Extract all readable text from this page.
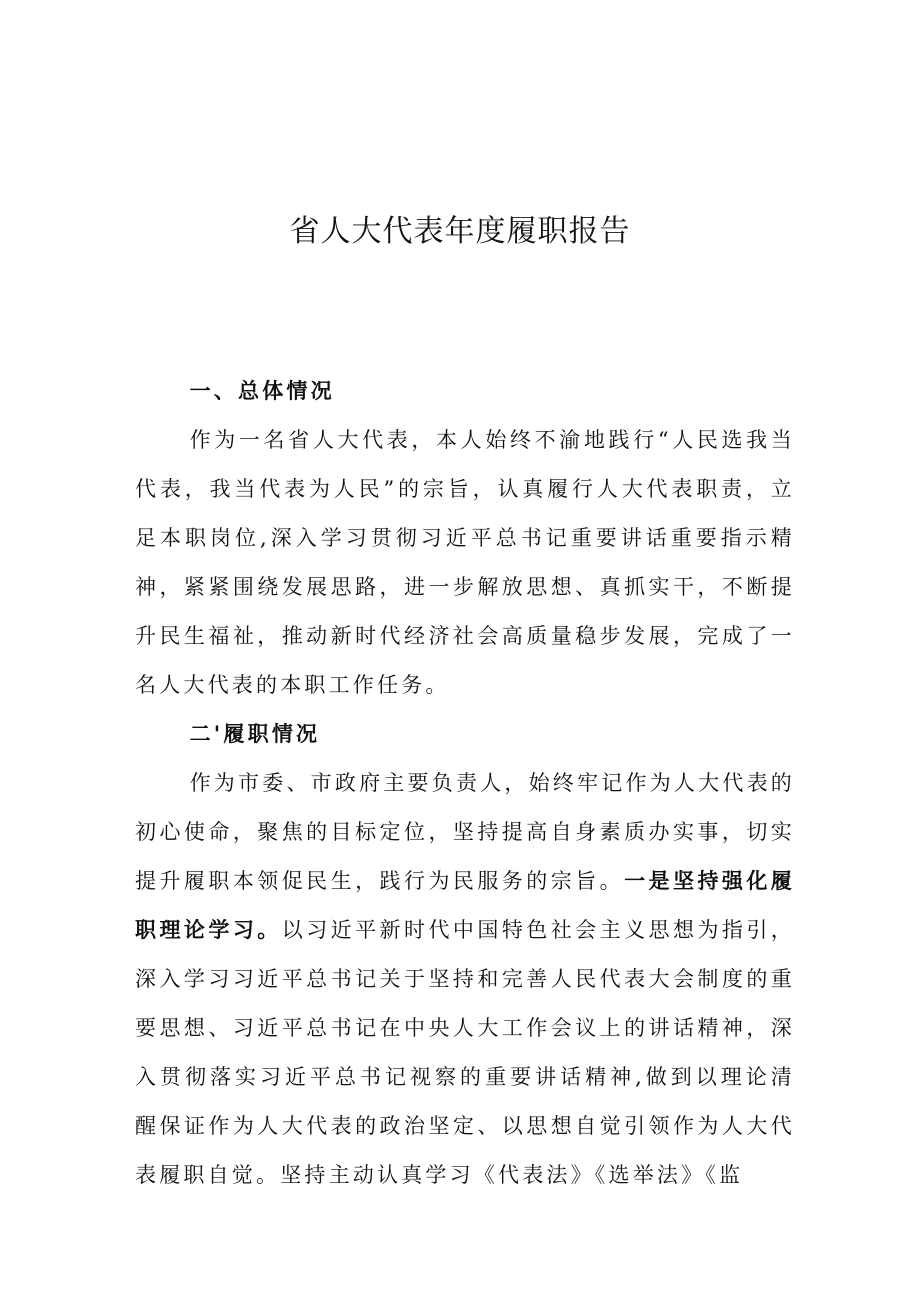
省人大代表年度履职报告

一、总体情况

作为一名省人大代表，本人始终不渝地践行“人民选我当代表，我当代表为人民”的宗旨，认真履行人大代表职责，立足本职岗位,深入学习贯彻习近平总书记重要讲话重要指示精神，紧紧围绕发展思路，进一步解放思想、真抓实干，不断提升民生福祉，推动新时代经济社会高质量稳步发展，完成了一名人大代表的本职工作任务。

二'履职情况

作为市委、市政府主要负责人，始终牢记作为人大代表的初心使命，聚焦的目标定位，坚持提高自身素质办实事，切实提升履职本领促民生，践行为民服务的宗旨。一是坚持强化履职理论学习。以习近平新时代中国特色社会主义思想为指引，深入学习习近平总书记关于坚持和完善人民代表大会制度的重要思想、习近平总书记在中央人大工作会议上的讲话精神，深入贯彻落实习近平总书记视察的重要讲话精神,做到以理论清醒保证作为人大代表的政治坚定、以思想自觉引领作为人大代表履职自觉。坚持主动认真学习《代表法》《选举法》《监
